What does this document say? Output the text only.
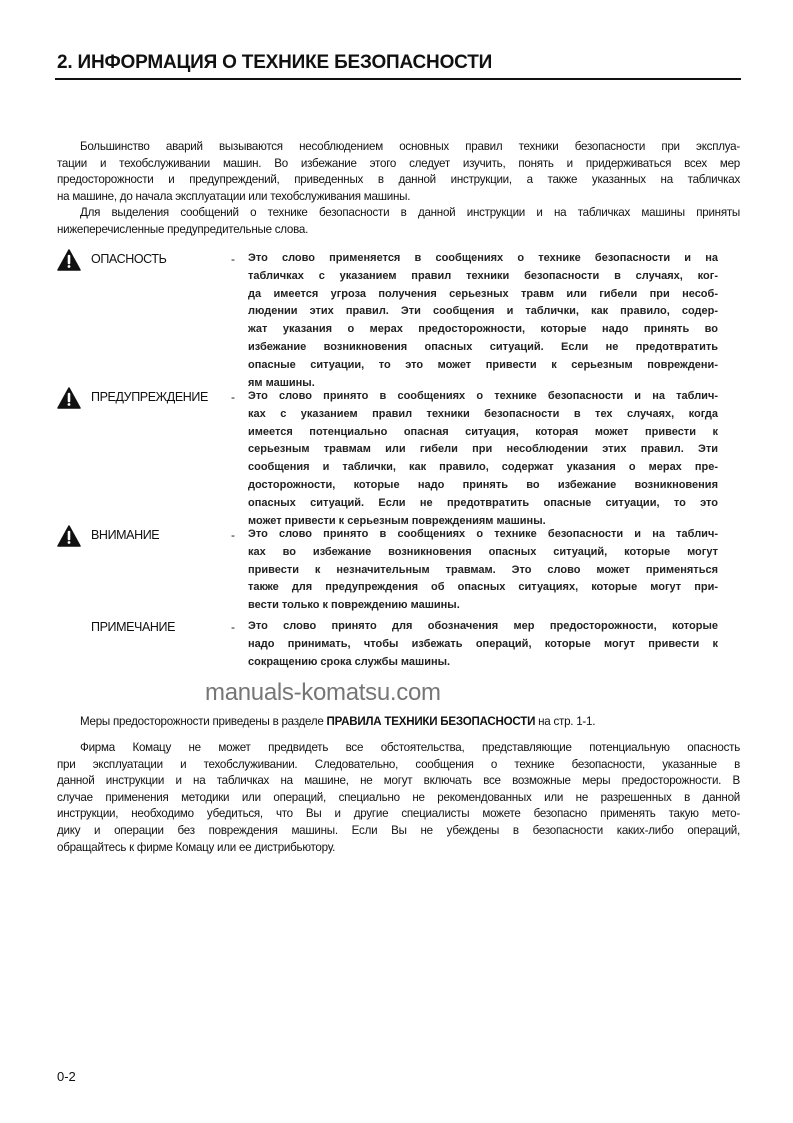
2. ИНФОРМАЦИЯ О ТЕХНИКЕ БЕЗОПАСНОСТИ
Большинство аварий вызываются несоблюдением основных правил техники безопасности при эксплуа-
тации и техобслуживании машин. Во избежание этого следует изучить, понять и придерживаться всех мер
предосторожности и предупреждений, приведенных в данной инструкции, а также указанных на табличках
на машине, до начала эксплуатации или техобслуживания машины.
Для выделения сообщений о технике безопасности в данной инструкции и на табличках машины приняты
нижеперечисленные предупредительные слова.
ОПАСНОСТЬ	- Это слово применяется в сообщениях о технике безопасности и на
табличках с указанием правил техники безопасности в случаях, ког-
да имеется угроза получения серьезных травм или гибели при несоб-
людении этих правил. Эти сообщения и таблички, как правило, содер-
жат указания о мерах предосторожности, которые надо принять во
избежание возникновения опасных ситуаций. Если не предотвратить
опасные ситуации, то это может привести к серьезным повреждени-
ям машины.
ПРЕДУПРЕЖДЕНИЕ - Это слово принято в сообщениях о технике безопасности и на таблич-
ках с указанием правил техники безопасности в тех случаях, когда
имеется потенциально опасная ситуация, которая может привести к
серьезным травмам или гибели при несоблюдении этих правил. Эти
сообщения и таблички, как правило, содержат указания о мерах пре-
досторожности, которые надо принять во избежание возникновения
опасных ситуаций. Если не предотвратить опасные ситуации, то это
может привести к серьезным повреждениям машины.
ВНИМАНИЕ	- Это слово принято в сообщениях о технике безопасности и на таблич-
ках во избежание возникновения опасных ситуаций, которые могут
привести к незначительным травмам. Это слово может применяться
также для предупреждения об опасных ситуациях, которые могут при-
вести только к повреждению машины.
ПРИМЕЧАНИЕ	- Это слово принято для обозначения мер предосторожности, которые
надо принимать, чтобы избежать операций, которые могут привести к
сокращению срока службы машины.
manuals-komatsu.com
Меры предосторожности приведены в разделе ПРАВИЛА ТЕХНИКИ БЕЗОПАСНОСТИ на стр. 1-1.
Фирма Комацу не может предвидеть все обстоятельства, представляющие потенциальную опасность
при эксплуатации и техобслуживании. Следовательно, сообщения о технике безопасности, указанные в
данной инструкции и на табличках на машине, не могут включать все возможные меры предосторожности. В
случае применения методики или операций, специально не рекомендованных или не разрешенных в данной
инструкции, необходимо убедиться, что Вы и другие специалисты можете безопасно применять такую мето-
дику и операции без повреждения машины. Если Вы не убеждены в безопасности каких-либо операций,
обращайтесь к фирме Комацу или ее дистрибьютору.
0-2
